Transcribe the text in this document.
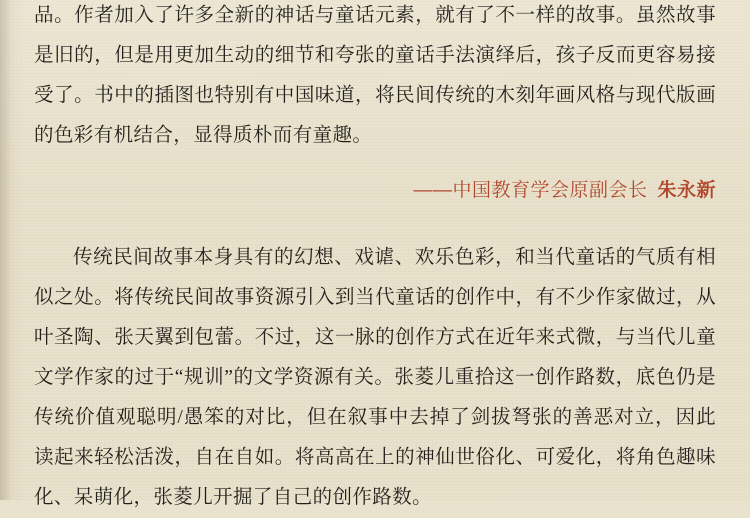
品。作者加入了许多全新的神话与童话元素，就有了不一样的故事。虽然故事是旧的，但是用更加生动的细节和夸张的童话手法演绎后，孩子反而更容易接受了。书中的插图也特别有中国味道，将民间传统的木刻年画风格与现代版画的色彩有机结合，显得质朴而有童趣。

——中国教育学会原副会长 朱永新

传统民间故事本身具有的幻想、戏谑、欢乐色彩，和当代童话的气质有相似之处。将传统民间故事资源引入到当代童话的创作中，有不少作家做过，从叶圣陶、张天翼到包蕾。不过，这一脉的创作方式在近年来式微，与当代儿童文学作家的过于“规训”的文学资源有关。张菱儿重拾这一创作路数，底色仍是传统价值观聪明/愚笨的对比，但在叙事中去掉了剑拔弩张的善恶对立，因此读起来轻松活泼，自在自如。将高高在上的神仙世俗化、可爱化，将角色趣味化、呆萌化，张菱儿开掘了自己的创作路数。
